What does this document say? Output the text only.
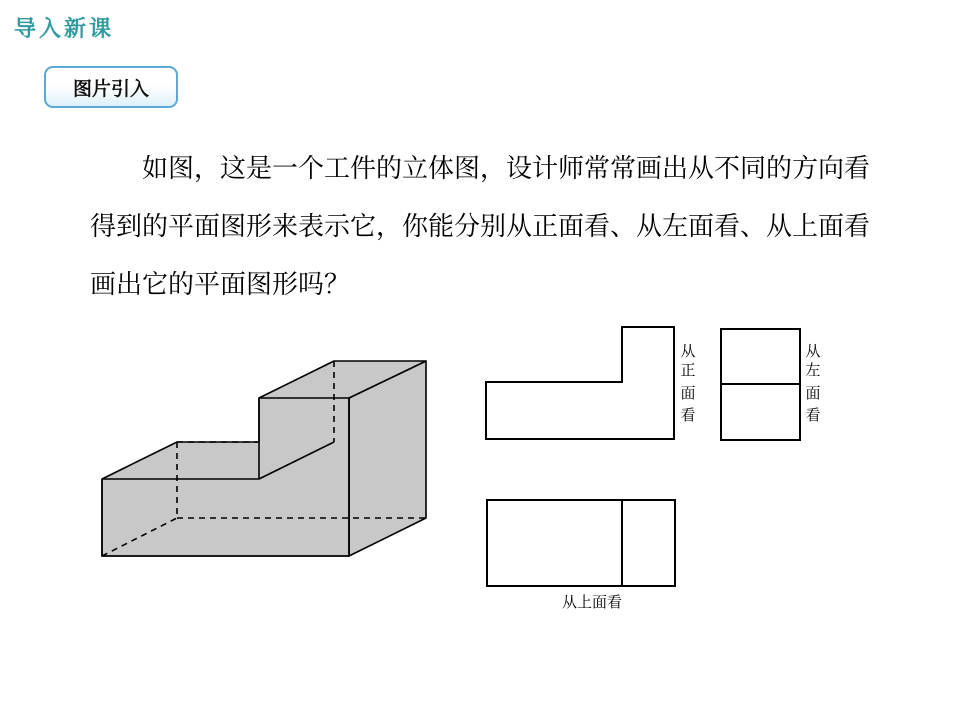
导入新课
图片引入

如图，这是一个工件的立体图，设计师常常画出从不同的方向看得到的平面图形来表示它，你能分别从正面看、从左面看、从上面看画出它的平面图形吗？

从
正
面
看
从
左
面
看
从上面看
